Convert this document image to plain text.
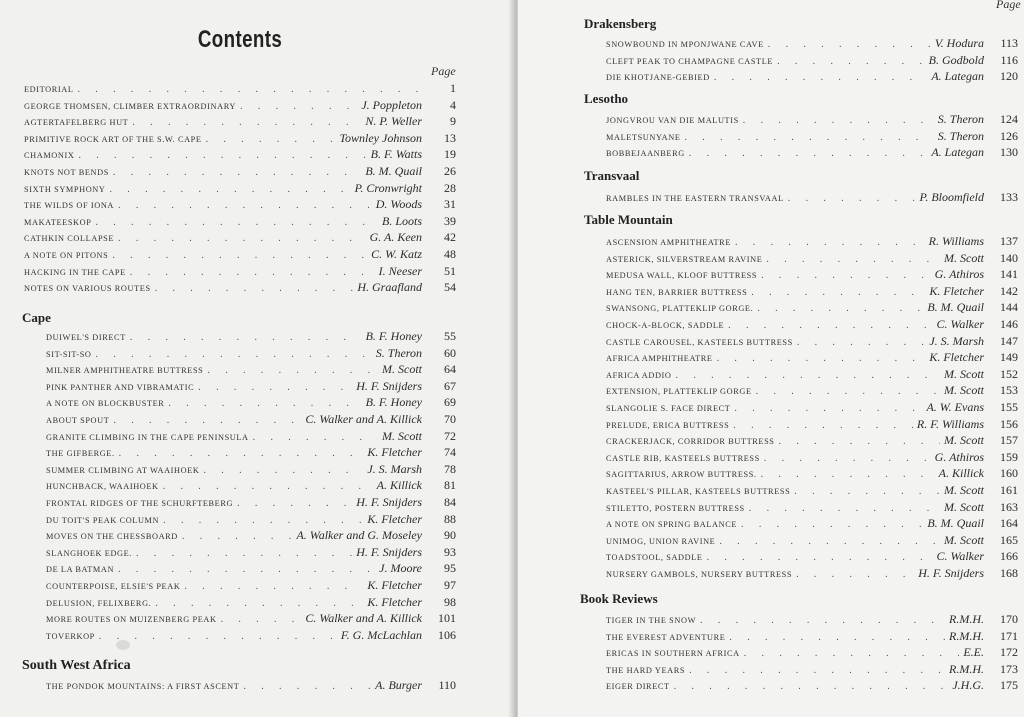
Contents
Page
EDITORIAL . . .	1
GEORGE THOMSEN, CLIMBER EXTRAORDINARY . . .	J. Poppleton	4
AGTERTAFELBERG HUT . . .	N. P. Weller	9
PRIMITIVE ROCK ART OF THE S.W. CAPE . . .	Townley Johnson	13
CHAMONIX . . .	B. F. Watts	19
KNOTS NOT BENDS . . .	B. M. Quail	26
SIXTH SYMPHONY . . .	P. Cronwright	28
THE WILDS OF IONA . . .	D. Woods	31
MAKATEESKOP . . .	B. Loots	39
CATHKIN COLLAPSE . . .	G. A. Keen	42
A NOTE ON PITONS . . .	C. W. Katz	48
HACKING IN THE CAPE . . .	I. Neeser	51
NOTES ON VARIOUS ROUTES . . .	H. Graafland	54
Cape
DUIWEL'S DIRECT . . .	B. F. Honey	55
SIT-SIT-SO . . .	S. Theron	60
MILNER AMPHITHEATRE BUTTRESS . . .	M. Scott	64
PINK PANTHER AND VIBRAMATIC . . .	H. F. Snijders	67
A NOTE ON BLOCKBUSTER . . .	B. F. Honey	69
ABOUT SPOUT . . .	C. Walker and A. Killick	70
GRANITE CLIMBING IN THE CAPE PENINSULA . . .	M. Scott	72
THE GIFBERGE. . . .	K. Fletcher	74
SUMMER CLIMBING AT WAAIHOEK . . .	J. S. Marsh	78
HUNCHBACK, WAAIHOEK . . .	A. Killick	81
FRONTAL RIDGES OF THE SCHURFTEBERG . . .	H. F. Snijders	84
DU TOIT'S PEAK COLUMN . . .	K. Fletcher	88
MOVES ON THE CHESSBOARD . . .	A. Walker and G. Moseley	90
SLANGHOEK EDGE. . . .	H. F. Snijders	93
DE LA BATMAN . . .	J. Moore	95
COUNTERPOISE, ELSIE'S PEAK . . .	K. Fletcher	97
DELUSION, FELIXBERG. . . .	K. Fletcher	98
MORE ROUTES ON MUIZENBERG PEAK . . .	C. Walker and A. Killick	101
TOVERKOP . . .	F. G. McLachlan	106
South West Africa
THE PONDOK MOUNTAINS: A FIRST ASCENT . . .	A. Burger	110
Page
Drakensberg
SNOWBOUND IN MPONJWANE CAVE . . .	V. Hodura	113
CLEFT PEAK TO CHAMPAGNE CASTLE . . .	B. Godbold	116
DIE KHOTJANE-GEBIED . . .	A. Lategan	120
Lesotho
JONGVROU VAN DIE MALUTIS . . .	S. Theron	124
MALETSUNYANE . . .	S. Theron	126
BOBBEJAANBERG . . .	A. Lategan	130
Transvaal
RAMBLES IN THE EASTERN TRANSVAAL . . .	P. Bloomfield	133
Table Mountain
ASCENSION AMPHITHEATRE . . .	R. Williams	137
ASTERICK, SILVERSTREAM RAVINE . . .	M. Scott	140
MEDUSA WALL, KLOOF BUTTRESS . . .	G. Athiros	141
HANG TEN, BARRIER BUTTRESS . . .	K. Fletcher	142
SWANSONG, PLATTEKLIP GORGE. . . .	B. M. Quail	144
CHOCK-A-BLOCK, SADDLE . . .	C. Walker	146
CASTLE CAROUSEL, KASTEELS BUTTRESS . . .	J. S. Marsh	147
AFRICA AMPHITHEATRE . . .	K. Fletcher	149
AFRICA ADDIO . . .	M. Scott	152
EXTENSION, PLATTEKLIP GORGE . . .	M. Scott	153
SLANGOLIE S. FACE DIRECT . . .	A. W. Evans	155
PRELUDE, ERICA BUTTRESS . . .	R. F. Williams	156
CRACKERJACK, CORRIDOR BUTTRESS . . .	M. Scott	157
CASTLE RIB, KASTEELS BUTTRESS . . .	G. Athiros	159
SAGITTARIUS, ARROW BUTTRESS. . . .	A. Killick	160
KASTEEL'S PILLAR, KASTEELS BUTTRESS . . .	M. Scott	161
STILETTO, POSTERN BUTTRESS . . .	M. Scott	163
A NOTE ON SPRING BALANCE . . .	B. M. Quail	164
UNIMOG, UNION RAVINE . . .	M. Scott	165
TOADSTOOL, SADDLE . . .	C. Walker	166
NURSERY GAMBOLS, NURSERY BUTTRESS . . .	H. F. Snijders	168
Book Reviews
TIGER IN THE SNOW . . .	R.M.H.	170
THE EVEREST ADVENTURE . . .	R.M.H.	171
ERICAS IN SOUTHERN AFRICA . . .	E.E.	172
THE HARD YEARS . . .	R.M.H.	173
EIGER DIRECT . . .	J.H.G.	175
